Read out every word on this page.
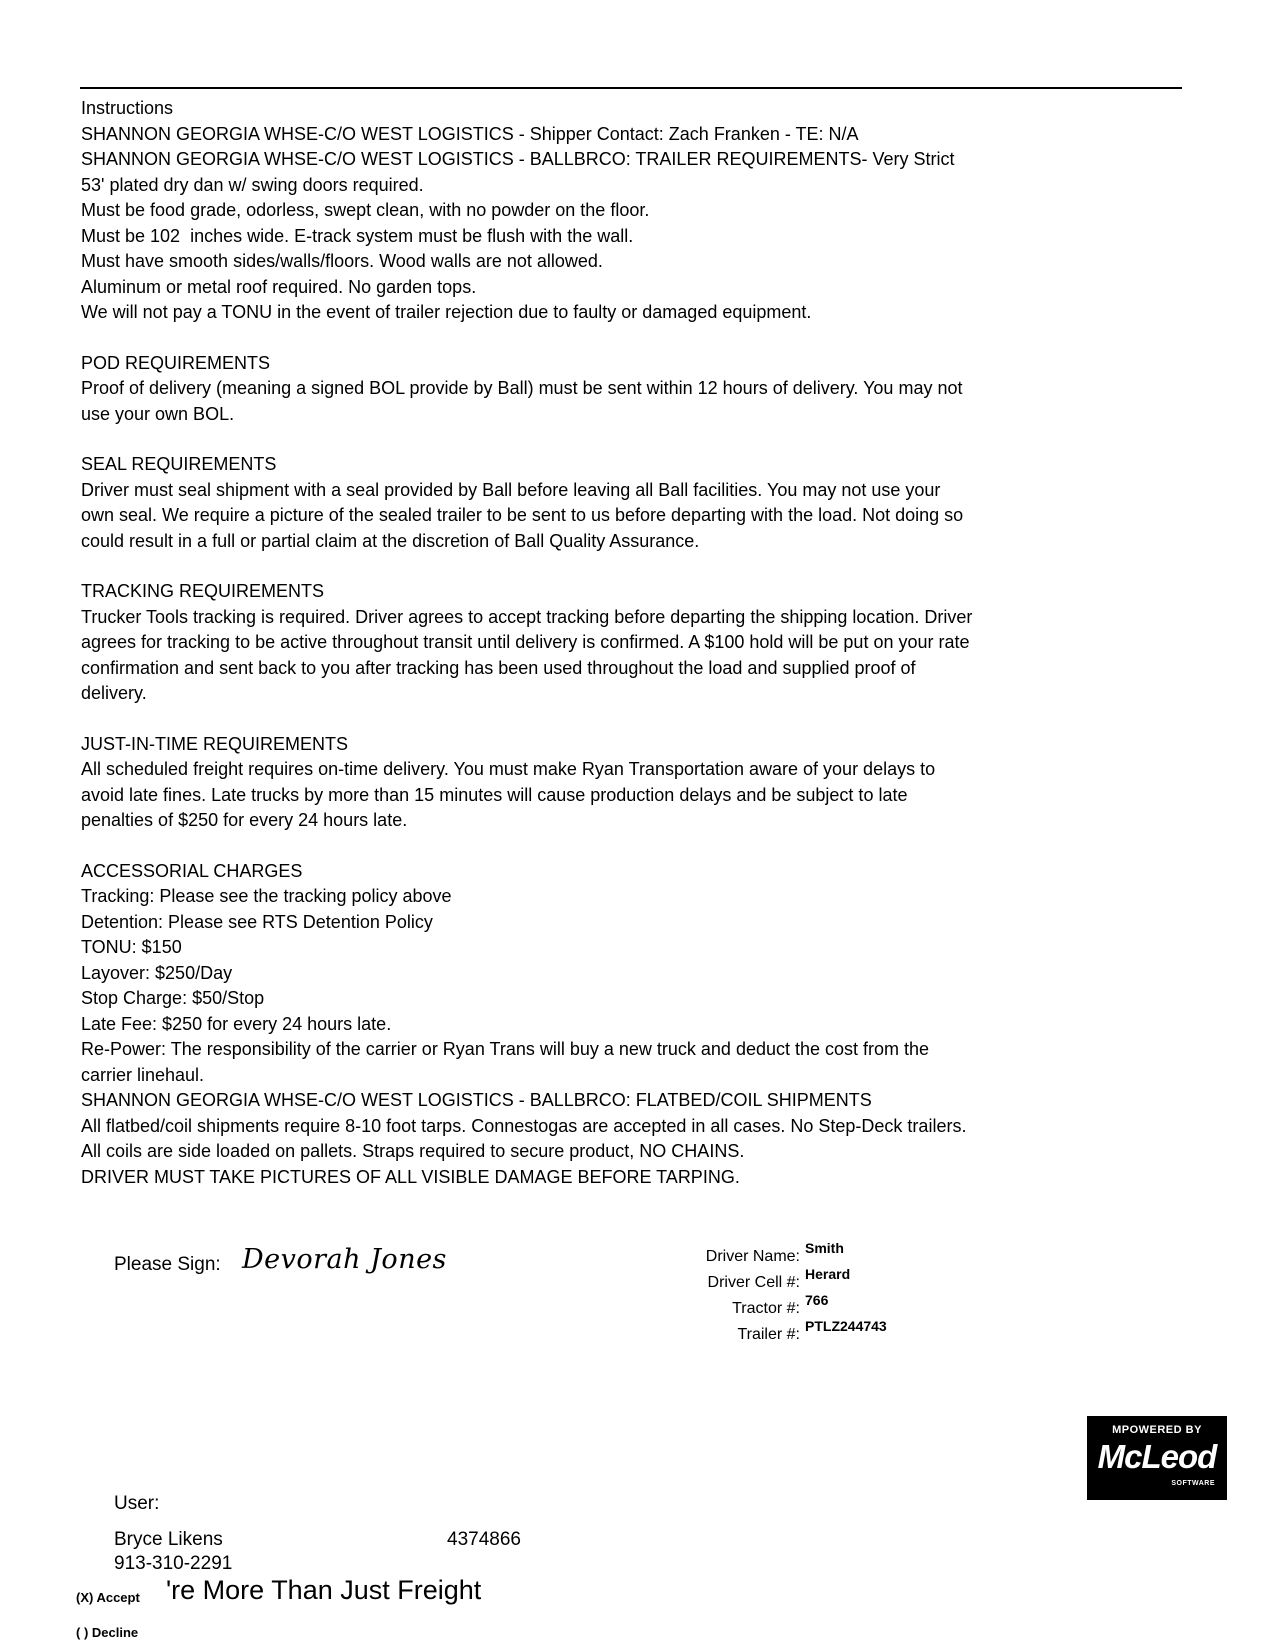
Instructions

SHANNON GEORGIA WHSE-C/O WEST LOGISTICS - Shipper Contact: Zach Franken - TE: N/A

SHANNON GEORGIA WHSE-C/O WEST LOGISTICS - BALLBRCO: TRAILER REQUIREMENTS- Very Strict

53' plated dry dan w/ swing doors required.

Must be food grade, odorless, swept clean, with no powder on the floor.

Must be 102  inches wide. E-track system must be flush with the wall.

Must have smooth sides/walls/floors. Wood walls are not allowed.

Aluminum or metal roof required. No garden tops.

We will not pay a TONU in the event of trailer rejection due to faulty or damaged equipment.

POD REQUIREMENTS

Proof of delivery (meaning a signed BOL provide by Ball) must be sent within 12 hours of delivery. You may not

use your own BOL.

SEAL REQUIREMENTS

Driver must seal shipment with a seal provided by Ball before leaving all Ball facilities. You may not use your

own seal. We require a picture of the sealed trailer to be sent to us before departing with the load. Not doing so

could result in a full or partial claim at the discretion of Ball Quality Assurance.

TRACKING REQUIREMENTS

Trucker Tools tracking is required. Driver agrees to accept tracking before departing the shipping location. Driver

agrees for tracking to be active throughout transit until delivery is confirmed. A $100 hold will be put on your rate

confirmation and sent back to you after tracking has been used throughout the load and supplied proof of

delivery.

JUST-IN-TIME REQUIREMENTS

All scheduled freight requires on-time delivery. You must make Ryan Transportation aware of your delays to

avoid late fines. Late trucks by more than 15 minutes will cause production delays and be subject to late

penalties of $250 for every 24 hours late.

ACCESSORIAL CHARGES

Tracking: Please see the tracking policy above

Detention: Please see RTS Detention Policy

TONU: $150

Layover: $250/Day

Stop Charge: $50/Stop

Late Fee: $250 for every 24 hours late.

Re-Power: The responsibility of the carrier or Ryan Trans will buy a new truck and deduct the cost from the

carrier linehaul.

SHANNON GEORGIA WHSE-C/O WEST LOGISTICS - BALLBRCO: FLATBED/COIL SHIPMENTS

All flatbed/coil shipments require 8-10 foot tarps. Connestogas are accepted in all cases. No Step-Deck trailers.

All coils are side loaded on pallets. Straps required to secure product, NO CHAINS.

DRIVER MUST TAKE PICTURES OF ALL VISIBLE DAMAGE BEFORE TARPING.

Please Sign: Devorah Jones	Driver Name: Smith
Driver Cell #: Herard
Tractor #: 766
Trailer #: PTLZ244743
MPOWERED BY
McLeod
SOFTWARE
User:
Bryce Likens	4374866
913-310-2291
're More Than Just Freight
(X) Accept
( ) Decline
